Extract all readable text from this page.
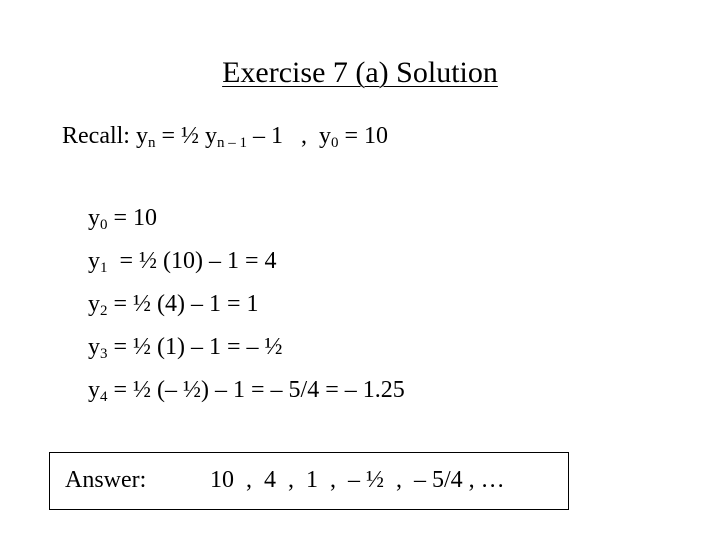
Exercise 7 (a) Solution
Recall: $y_n$ = ½ $y_{n - 1} - 1$   ,  $y_0 = 10$
$y_0 = 10$
$y_1$  = ½ (10) – 1 = 4
$y_2$ = ½ (4) – 1 = 1
$y_3$ = ½ (1) – 1 = – ½
$y_4$ = ½ (– ½) – 1 = – 5/4 = – 1.25

Answer:

	10  ,  4  ,  1  ,  – ½  ,  – 5/4 , …
